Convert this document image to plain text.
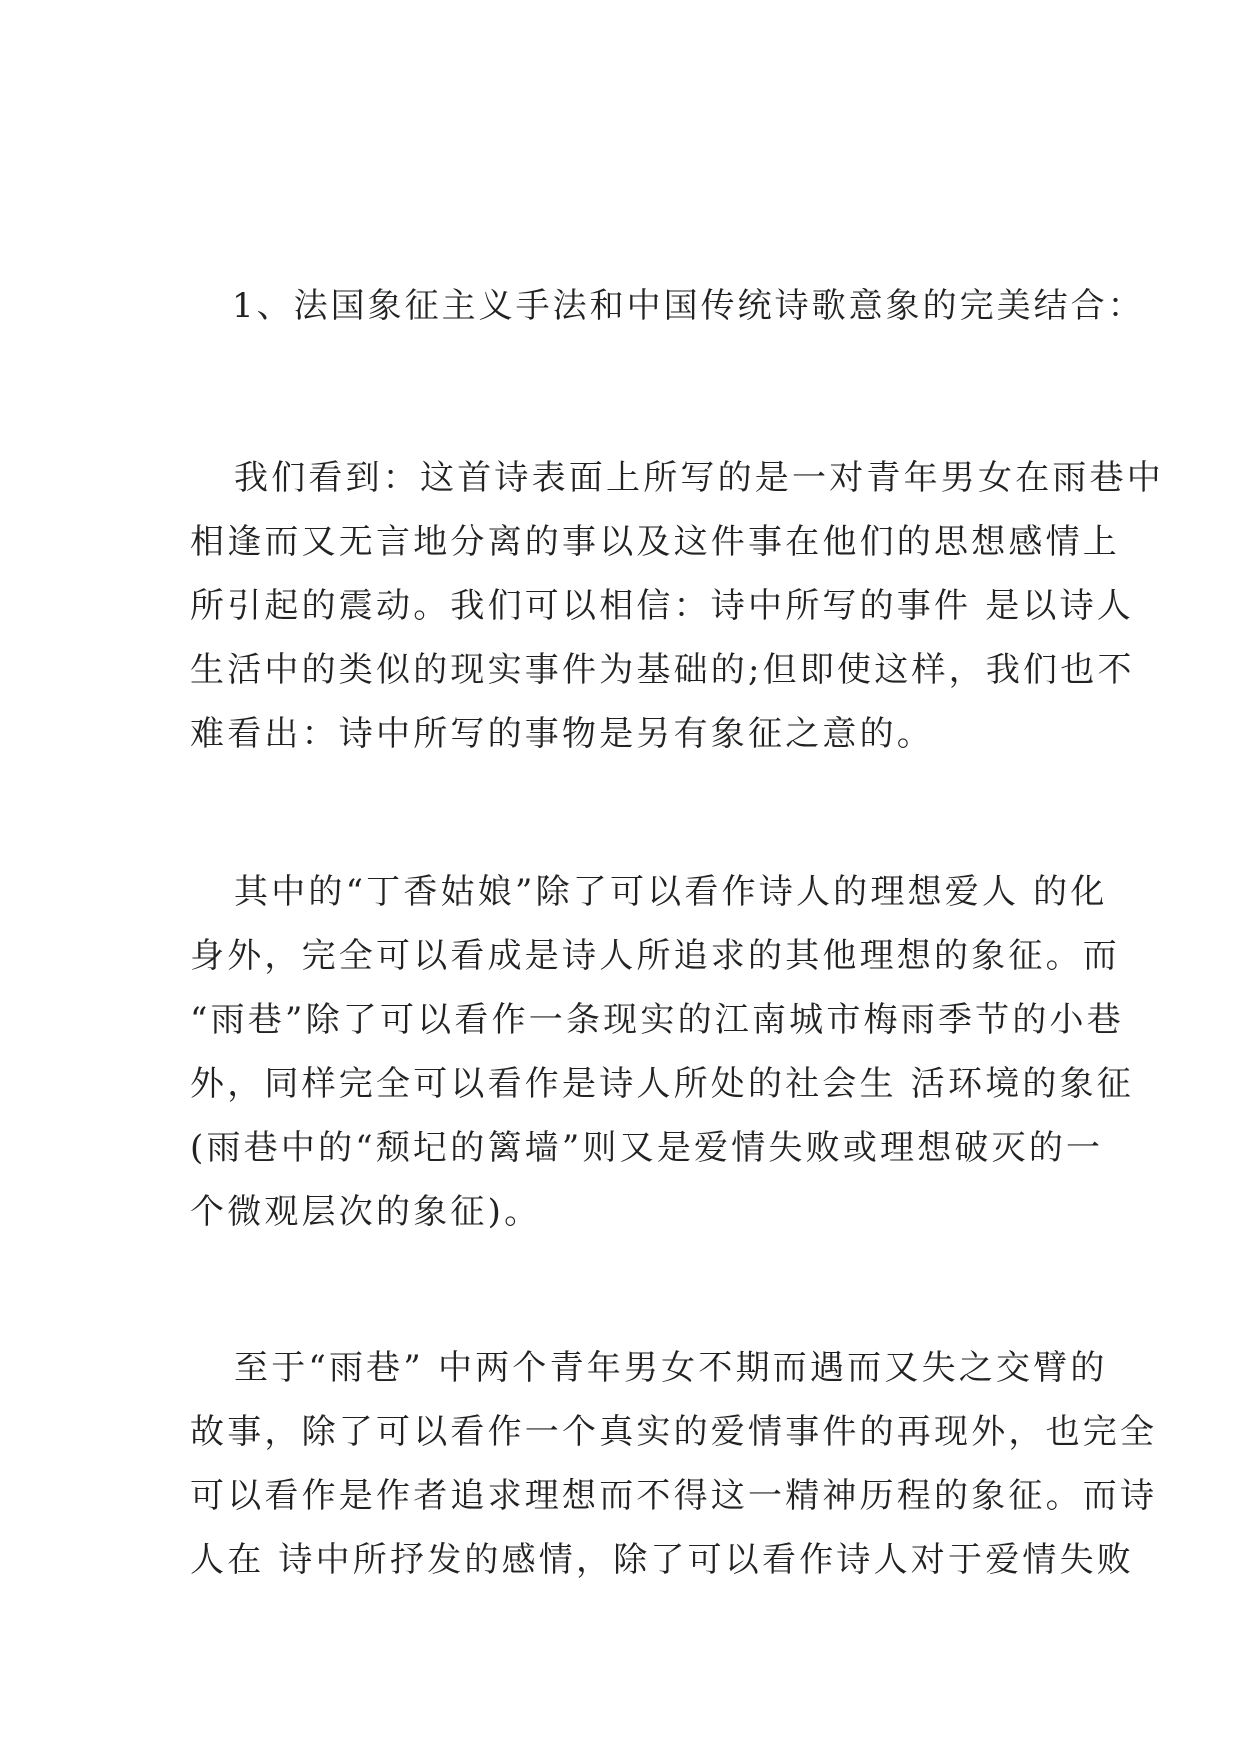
1、法国象征主义手法和中国传统诗歌意象的完美结合：

我们看到：这首诗表面上所写的是一对青年男女在雨巷中
相逢而又无言地分离的事以及这件事在他们的思想感情上
所引起的震动。我们可以相信：诗中所写的事件 是以诗人
生活中的类似的现实事件为基础的;但即使这样，我们也不
难看出：诗中所写的事物是另有象征之意的。

其中的“丁香姑娘”除了可以看作诗人的理想爱人 的化
身外，完全可以看成是诗人所追求的其他理想的象征。而
“雨巷”除了可以看作一条现实的江南城市梅雨季节的小巷
外，同样完全可以看作是诗人所处的社会生 活环境的象征
(雨巷中的“颓圮的篱墙”则又是爱情失败或理想破灭的一
个微观层次的象征)。

至于“雨巷” 中两个青年男女不期而遇而又失之交臂的
故事，除了可以看作一个真实的爱情事件的再现外，也完全
可以看作是作者追求理想而不得这一精神历程的象征。而诗
人在 诗中所抒发的感情，除了可以看作诗人对于爱情失败
